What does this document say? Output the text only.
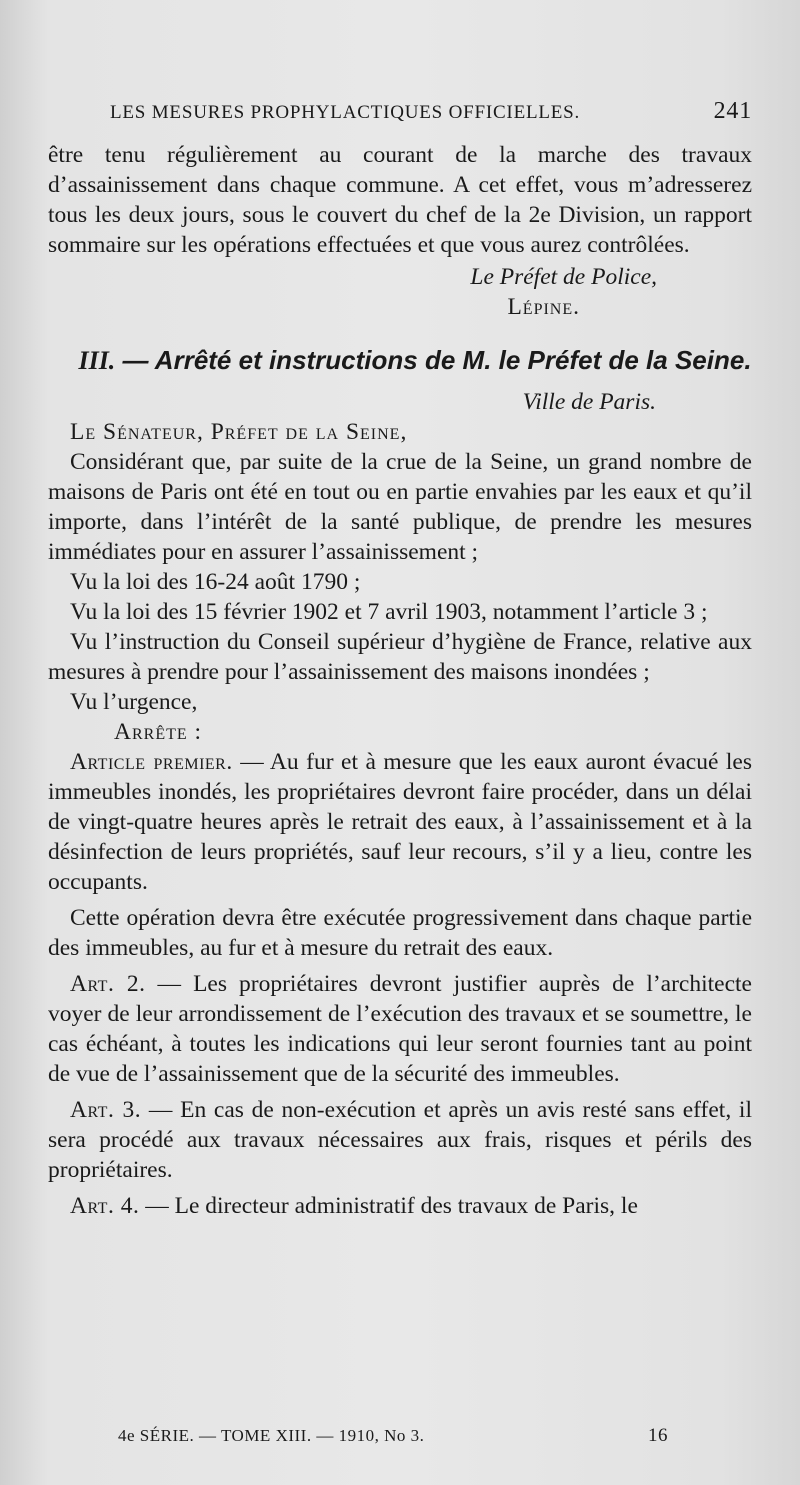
LES MESURES PROPHYLACTIQUES OFFICIELLES.	241

être tenu régulièrement au courant de la marche des travaux d’assainissement dans chaque commune. A cet effet, vous m’adresserez tous les deux jours, sous le couvert du chef de la 2e Division, un rapport sommaire sur les opérations effectuées et que vous aurez contrôlées.

Le Préfet de Police,

Lépine.

III. — Arrêté et instructions de M. le Préfet de la Seine.

Ville de Paris.

Le Sénateur, Préfet de la Seine,

Considérant que, par suite de la crue de la Seine, un grand nombre de maisons de Paris ont été en tout ou en partie envahies par les eaux et qu’il importe, dans l’intérêt de la santé publique, de prendre les mesures immédiates pour en assurer l’assainissement ;

Vu la loi des 16-24 août 1790 ;

Vu la loi des 15 février 1902 et 7 avril 1903, notamment l’article 3 ;

Vu l’instruction du Conseil supérieur d’hygiène de France, relative aux mesures à prendre pour l’assainissement des maisons inondées ;

Vu l’urgence,

Arrête :

Article premier. — Au fur et à mesure que les eaux auront évacué les immeubles inondés, les propriétaires devront faire procéder, dans un délai de vingt-quatre heures après le retrait des eaux, à l’assainissement et à la désinfection de leurs propriétés, sauf leur recours, s’il y a lieu, contre les occupants.

Cette opération devra être exécutée progressivement dans chaque partie des immeubles, au fur et à mesure du retrait des eaux.

Art. 2. — Les propriétaires devront justifier auprès de l’architecte voyer de leur arrondissement de l’exécution des travaux et se soumettre, le cas échéant, à toutes les indications qui leur seront fournies tant au point de vue de l’assainissement que de la sécurité des immeubles.

Art. 3. — En cas de non-exécution et après un avis resté sans effet, il sera procédé aux travaux nécessaires aux frais, risques et périls des propriétaires.

Art. 4. — Le directeur administratif des travaux de Paris, le

4e SÉRIE. — TOME XIII. — 1910, No 3.	16
